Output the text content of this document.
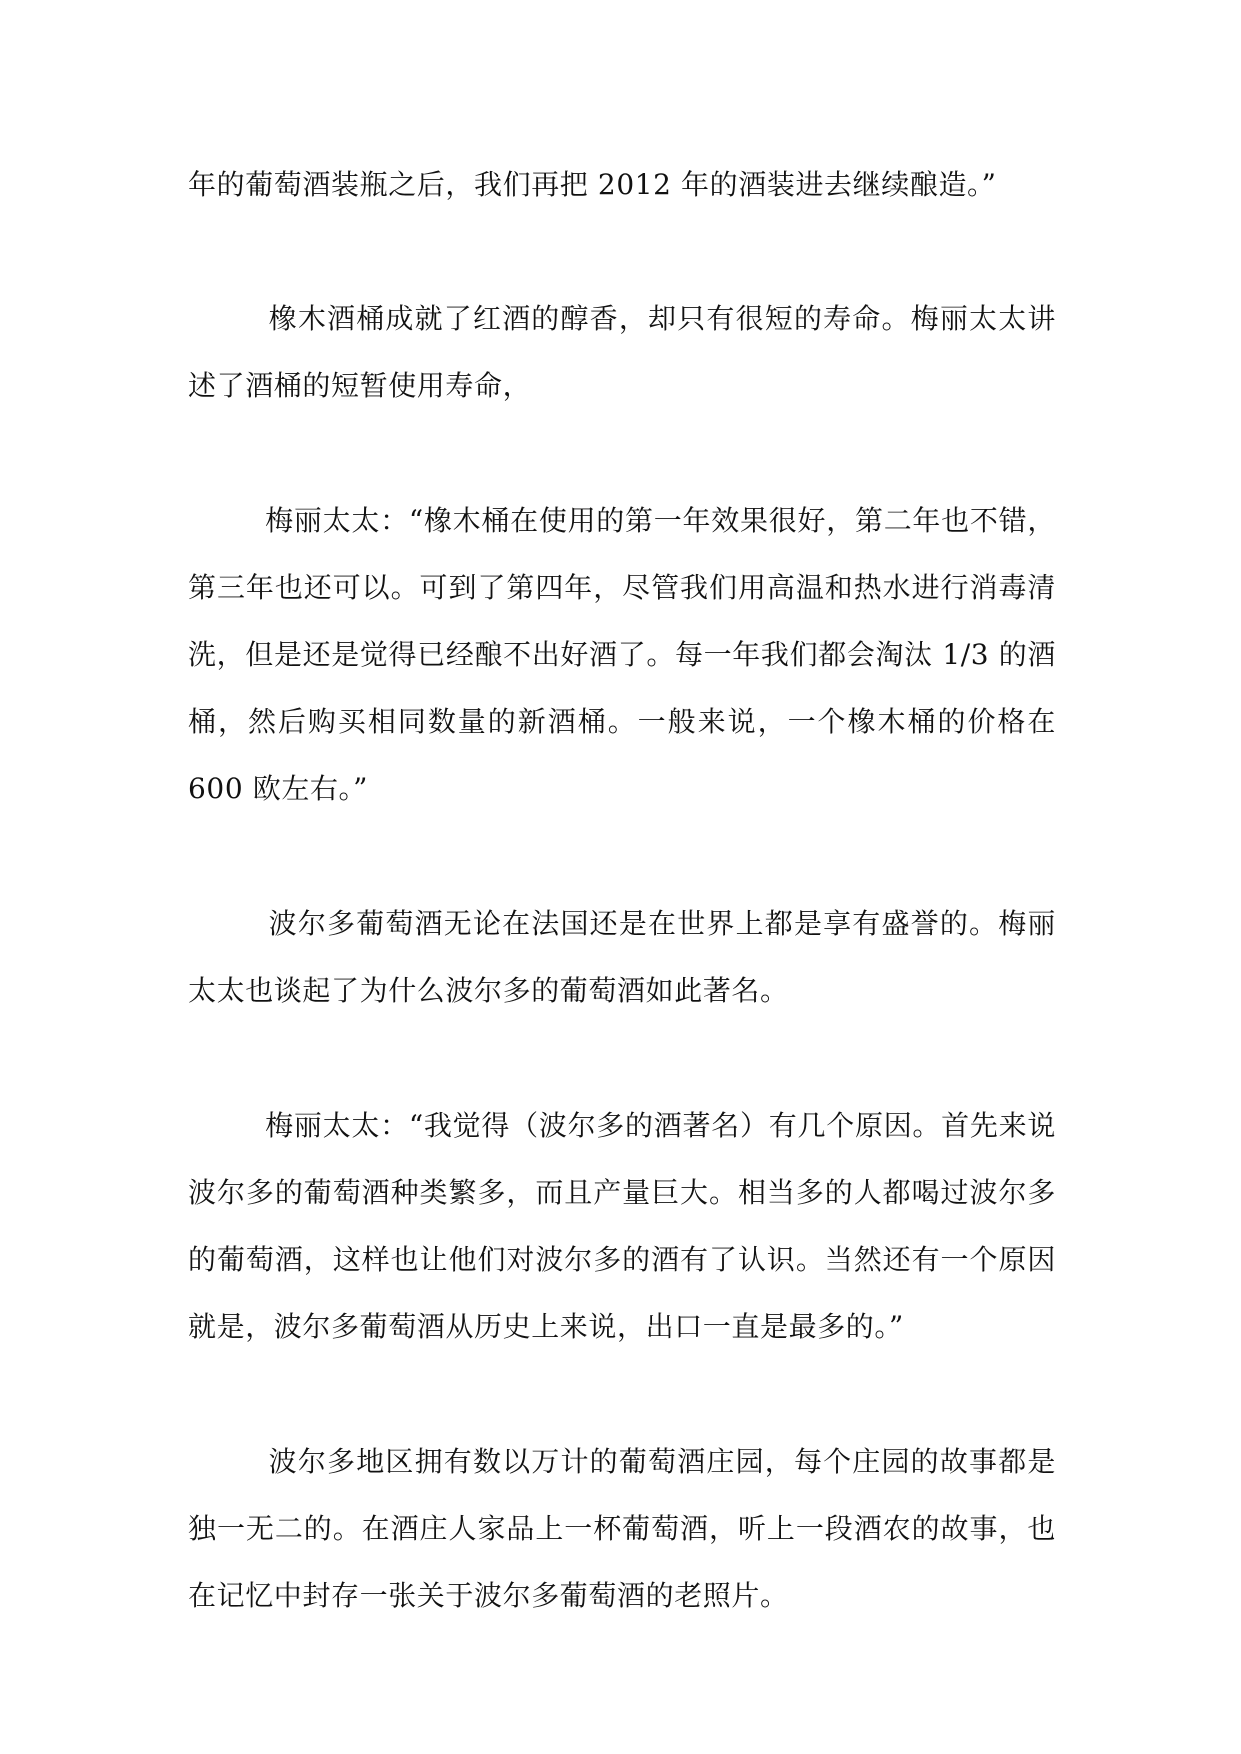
年的葡萄酒装瓶之后，我们再把 2012 年的酒装进去继续酿造。”

橡木酒桶成就了红酒的醇香，却只有很短的寿命。梅丽太太讲述了酒桶的短暂使用寿命，

梅丽太太：“橡木桶在使用的第一年效果很好，第二年也不错，第三年也还可以。可到了第四年，尽管我们用高温和热水进行消毒清洗，但是还是觉得已经酿不出好酒了。每一年我们都会淘汰 1/3 的酒桶，然后购买相同数量的新酒桶。一般来说，一个橡木桶的价格在 600 欧左右。”

波尔多葡萄酒无论在法国还是在世界上都是享有盛誉的。梅丽太太也谈起了为什么波尔多的葡萄酒如此著名。

梅丽太太：“我觉得（波尔多的酒著名）有几个原因。首先来说波尔多的葡萄酒种类繁多，而且产量巨大。相当多的人都喝过波尔多的葡萄酒，这样也让他们对波尔多的酒有了认识。当然还有一个原因就是，波尔多葡萄酒从历史上来说，出口一直是最多的。”

波尔多地区拥有数以万计的葡萄酒庄园，每个庄园的故事都是独一无二的。在酒庄人家品上一杯葡萄酒，听上一段酒农的故事，也在记忆中封存一张关于波尔多葡萄酒的老照片。
